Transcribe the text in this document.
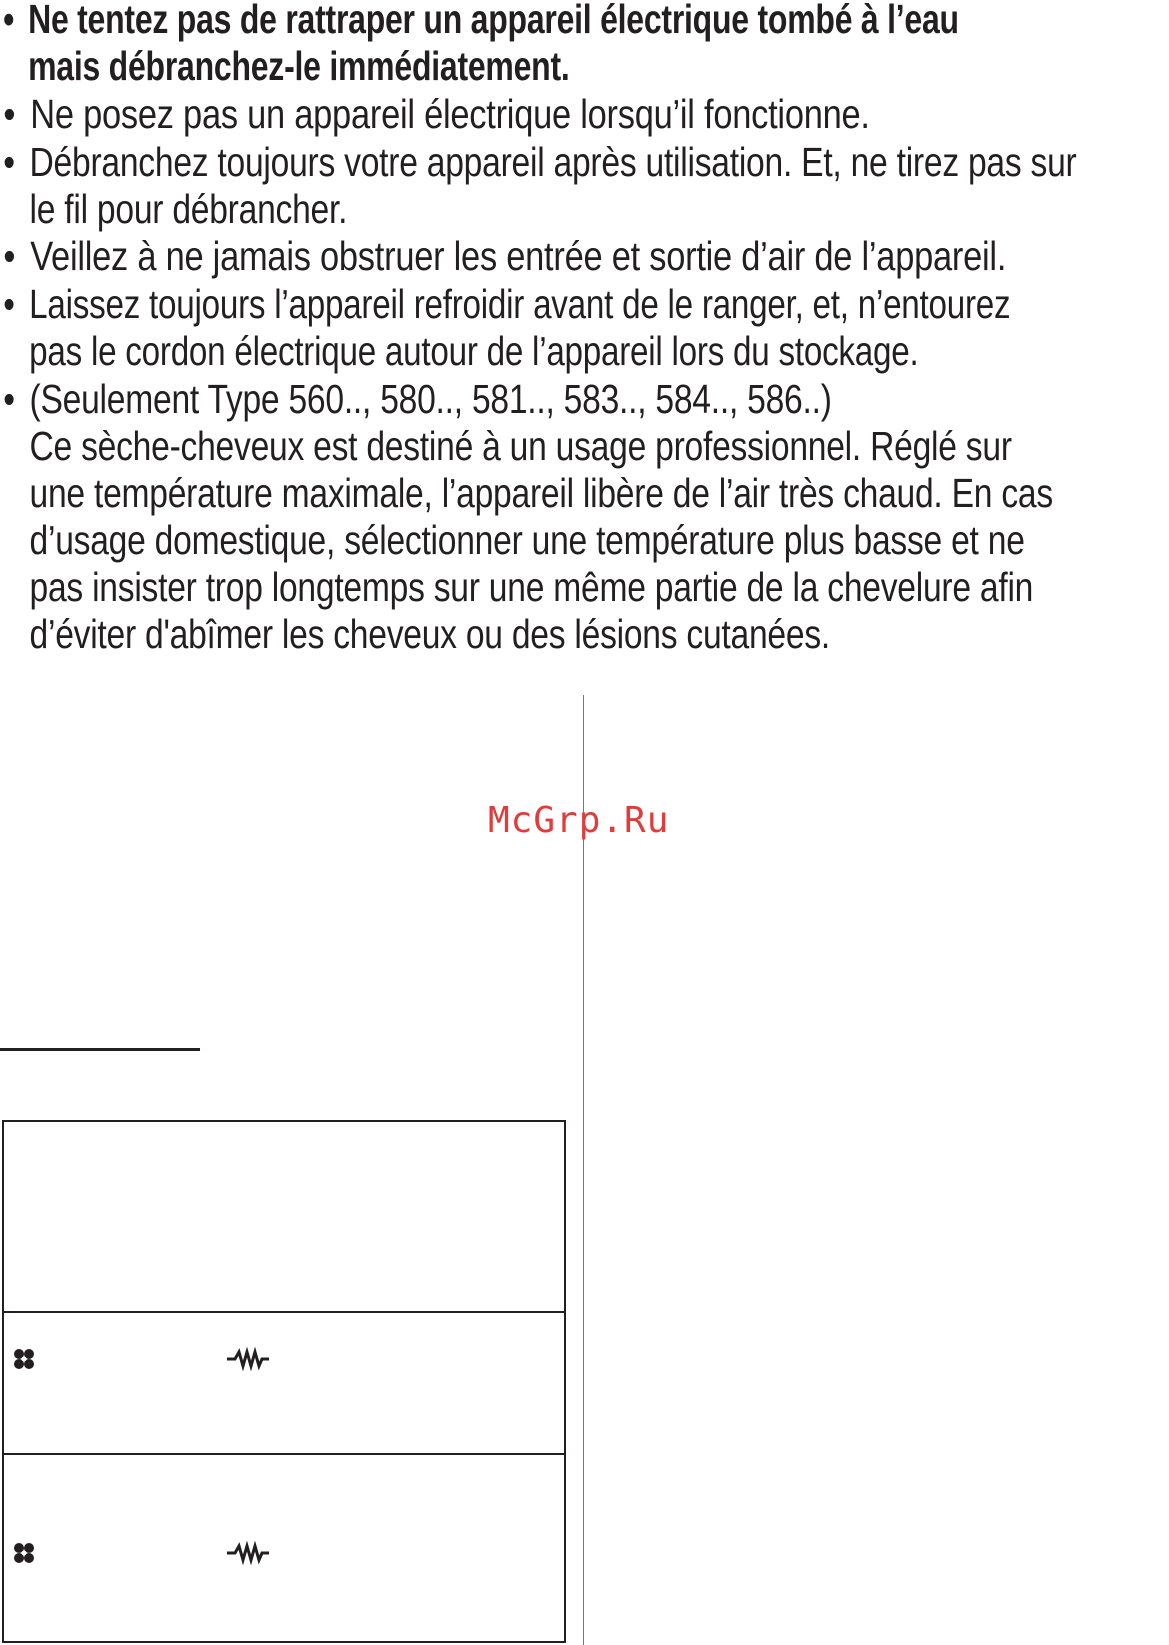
• Ne tentez pas de rattraper un appareil électrique tombé à l’eau
mais débranchez-le immédiatement.
• Ne posez pas un appareil électrique lorsqu’il fonctionne.
• Débranchez toujours votre appareil après utilisation. Et, ne tirez pas sur
le fil pour débrancher.
• Veillez à ne jamais obstruer les entrée et sortie d’air de l’appareil.
• Laissez toujours l’appareil refroidir avant de le ranger, et, n’entourez
pas le cordon électrique autour de l’appareil lors du stockage.
• (Seulement Type 560.., 580.., 581.., 583.., 584.., 586..)
Ce sèche-cheveux est destiné à un usage professionnel. Réglé sur
une température maximale, l’appareil libère de l’air très chaud. En cas
d’usage domestique, sélectionner une température plus basse et ne
pas insister trop longtemps sur une même partie de la chevelure afin
d’éviter d'abîmer les cheveux ou des lésions cutanées.
McGrp.Ru
